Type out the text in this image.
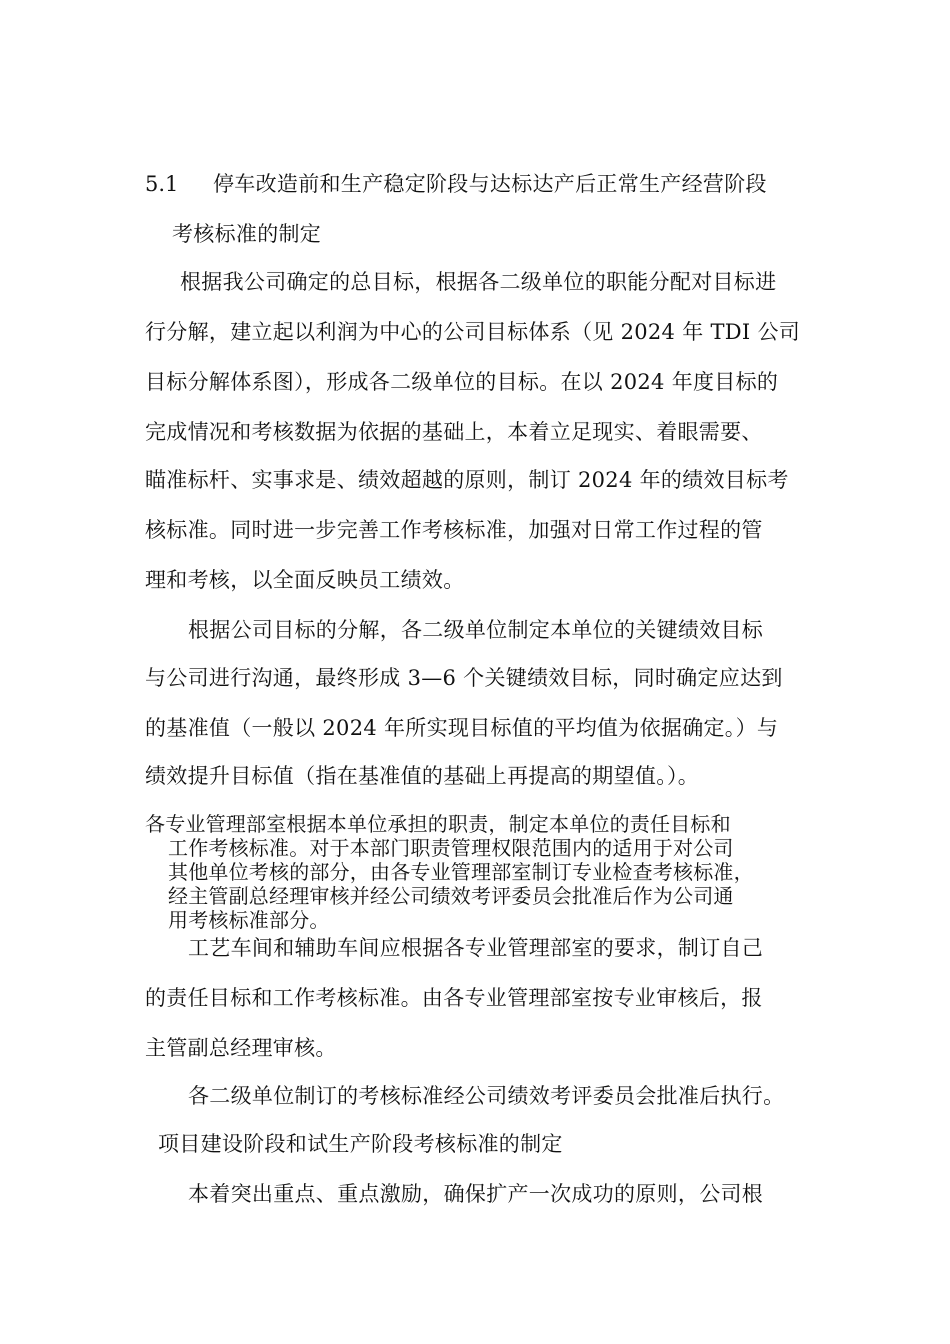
5.1 停车改造前和生产稳定阶段与达标达产后正常生产经营阶段
考核标准的制定
根据我公司确定的总目标，根据各二级单位的职能分配对目标进
行分解，建立起以利润为中心的公司目标体系（见 2024 年 TDI 公司
目标分解体系图），形成各二级单位的目标。在以 2024 年度目标的
完成情况和考核数据为依据的基础上，本着立足现实、着眼需要、
瞄准标杆、实事求是、绩效超越的原则，制订 2024 年的绩效目标考
核标准。同时进一步完善工作考核标准，加强对日常工作过程的管
理和考核，以全面反映员工绩效。
根据公司目标的分解，各二级单位制定本单位的关键绩效目标
与公司进行沟通，最终形成 3—6 个关键绩效目标，同时确定应达到
的基准值（一般以 2024 年所实现目标值的平均值为依据确定。）与
绩效提升目标值（指在基准值的基础上再提高的期望值。）。
各专业管理部室根据本单位承担的职责，制定本单位的责任目标和
工作考核标准。对于本部门职责管理权限范围内的适用于对公司
其他单位考核的部分，由各专业管理部室制订专业检查考核标准，
经主管副总经理审核并经公司绩效考评委员会批准后作为公司通
用考核标准部分。
工艺车间和辅助车间应根据各专业管理部室的要求，制订自己
的责任目标和工作考核标准。由各专业管理部室按专业审核后，报
主管副总经理审核。
各二级单位制订的考核标准经公司绩效考评委员会批准后执行。
项目建设阶段和试生产阶段考核标准的制定
本着突出重点、重点激励，确保扩产一次成功的原则，公司根
